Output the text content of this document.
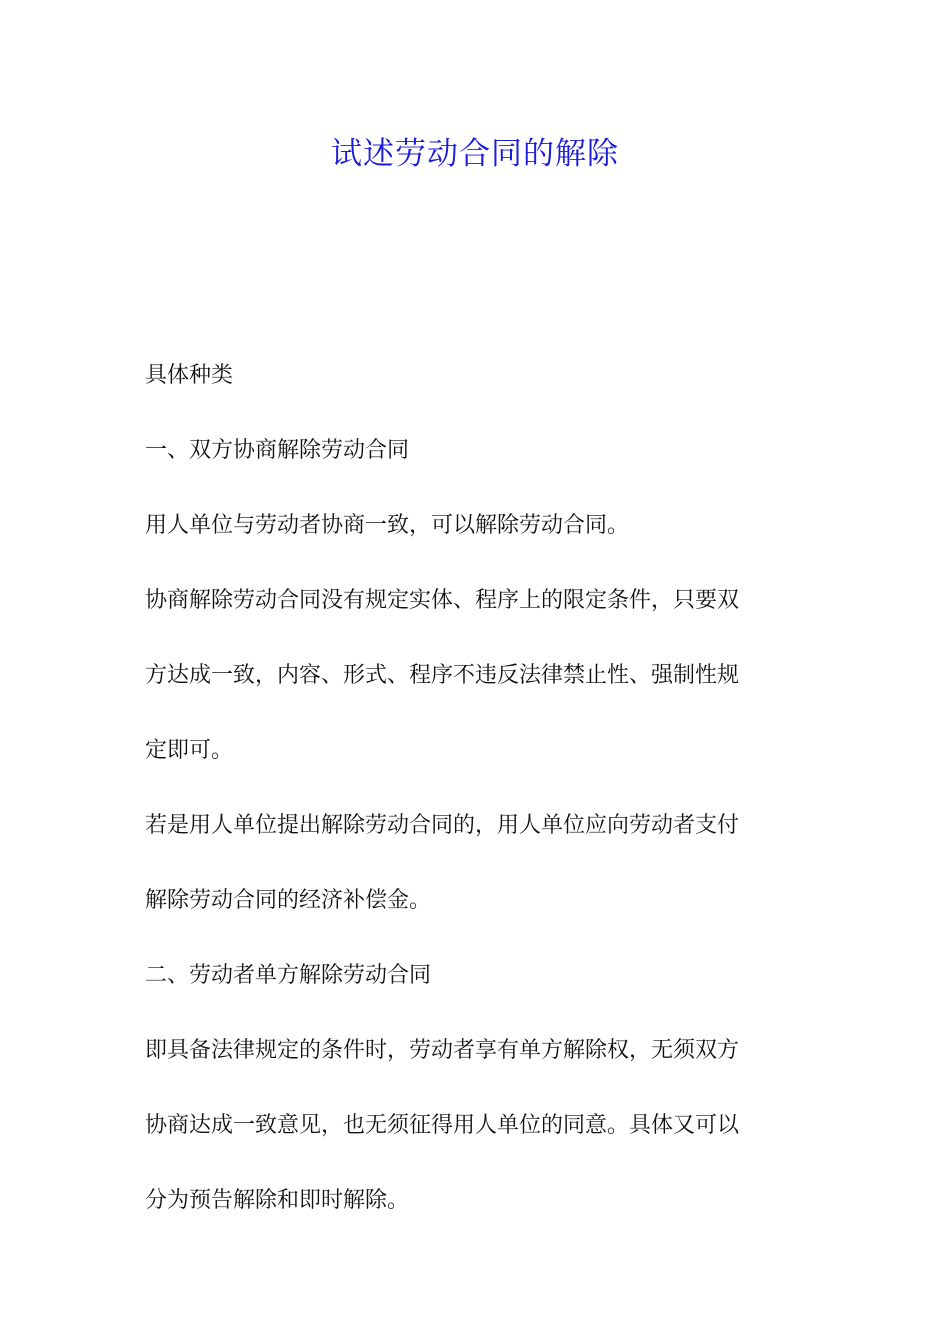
试述劳动合同的解除

具体种类

一、双方协商解除劳动合同

用人单位与劳动者协商一致，可以解除劳动合同。

协商解除劳动合同没有规定实体、程序上的限定条件，只要双
方达成一致，内容、形式、程序不违反法律禁止性、强制性规
定即可。

若是用人单位提出解除劳动合同的，用人单位应向劳动者支付
解除劳动合同的经济补偿金。

二、劳动者单方解除劳动合同

即具备法律规定的条件时，劳动者享有单方解除权，无须双方
协商达成一致意见，也无须征得用人单位的同意。具体又可以
分为预告解除和即时解除。
